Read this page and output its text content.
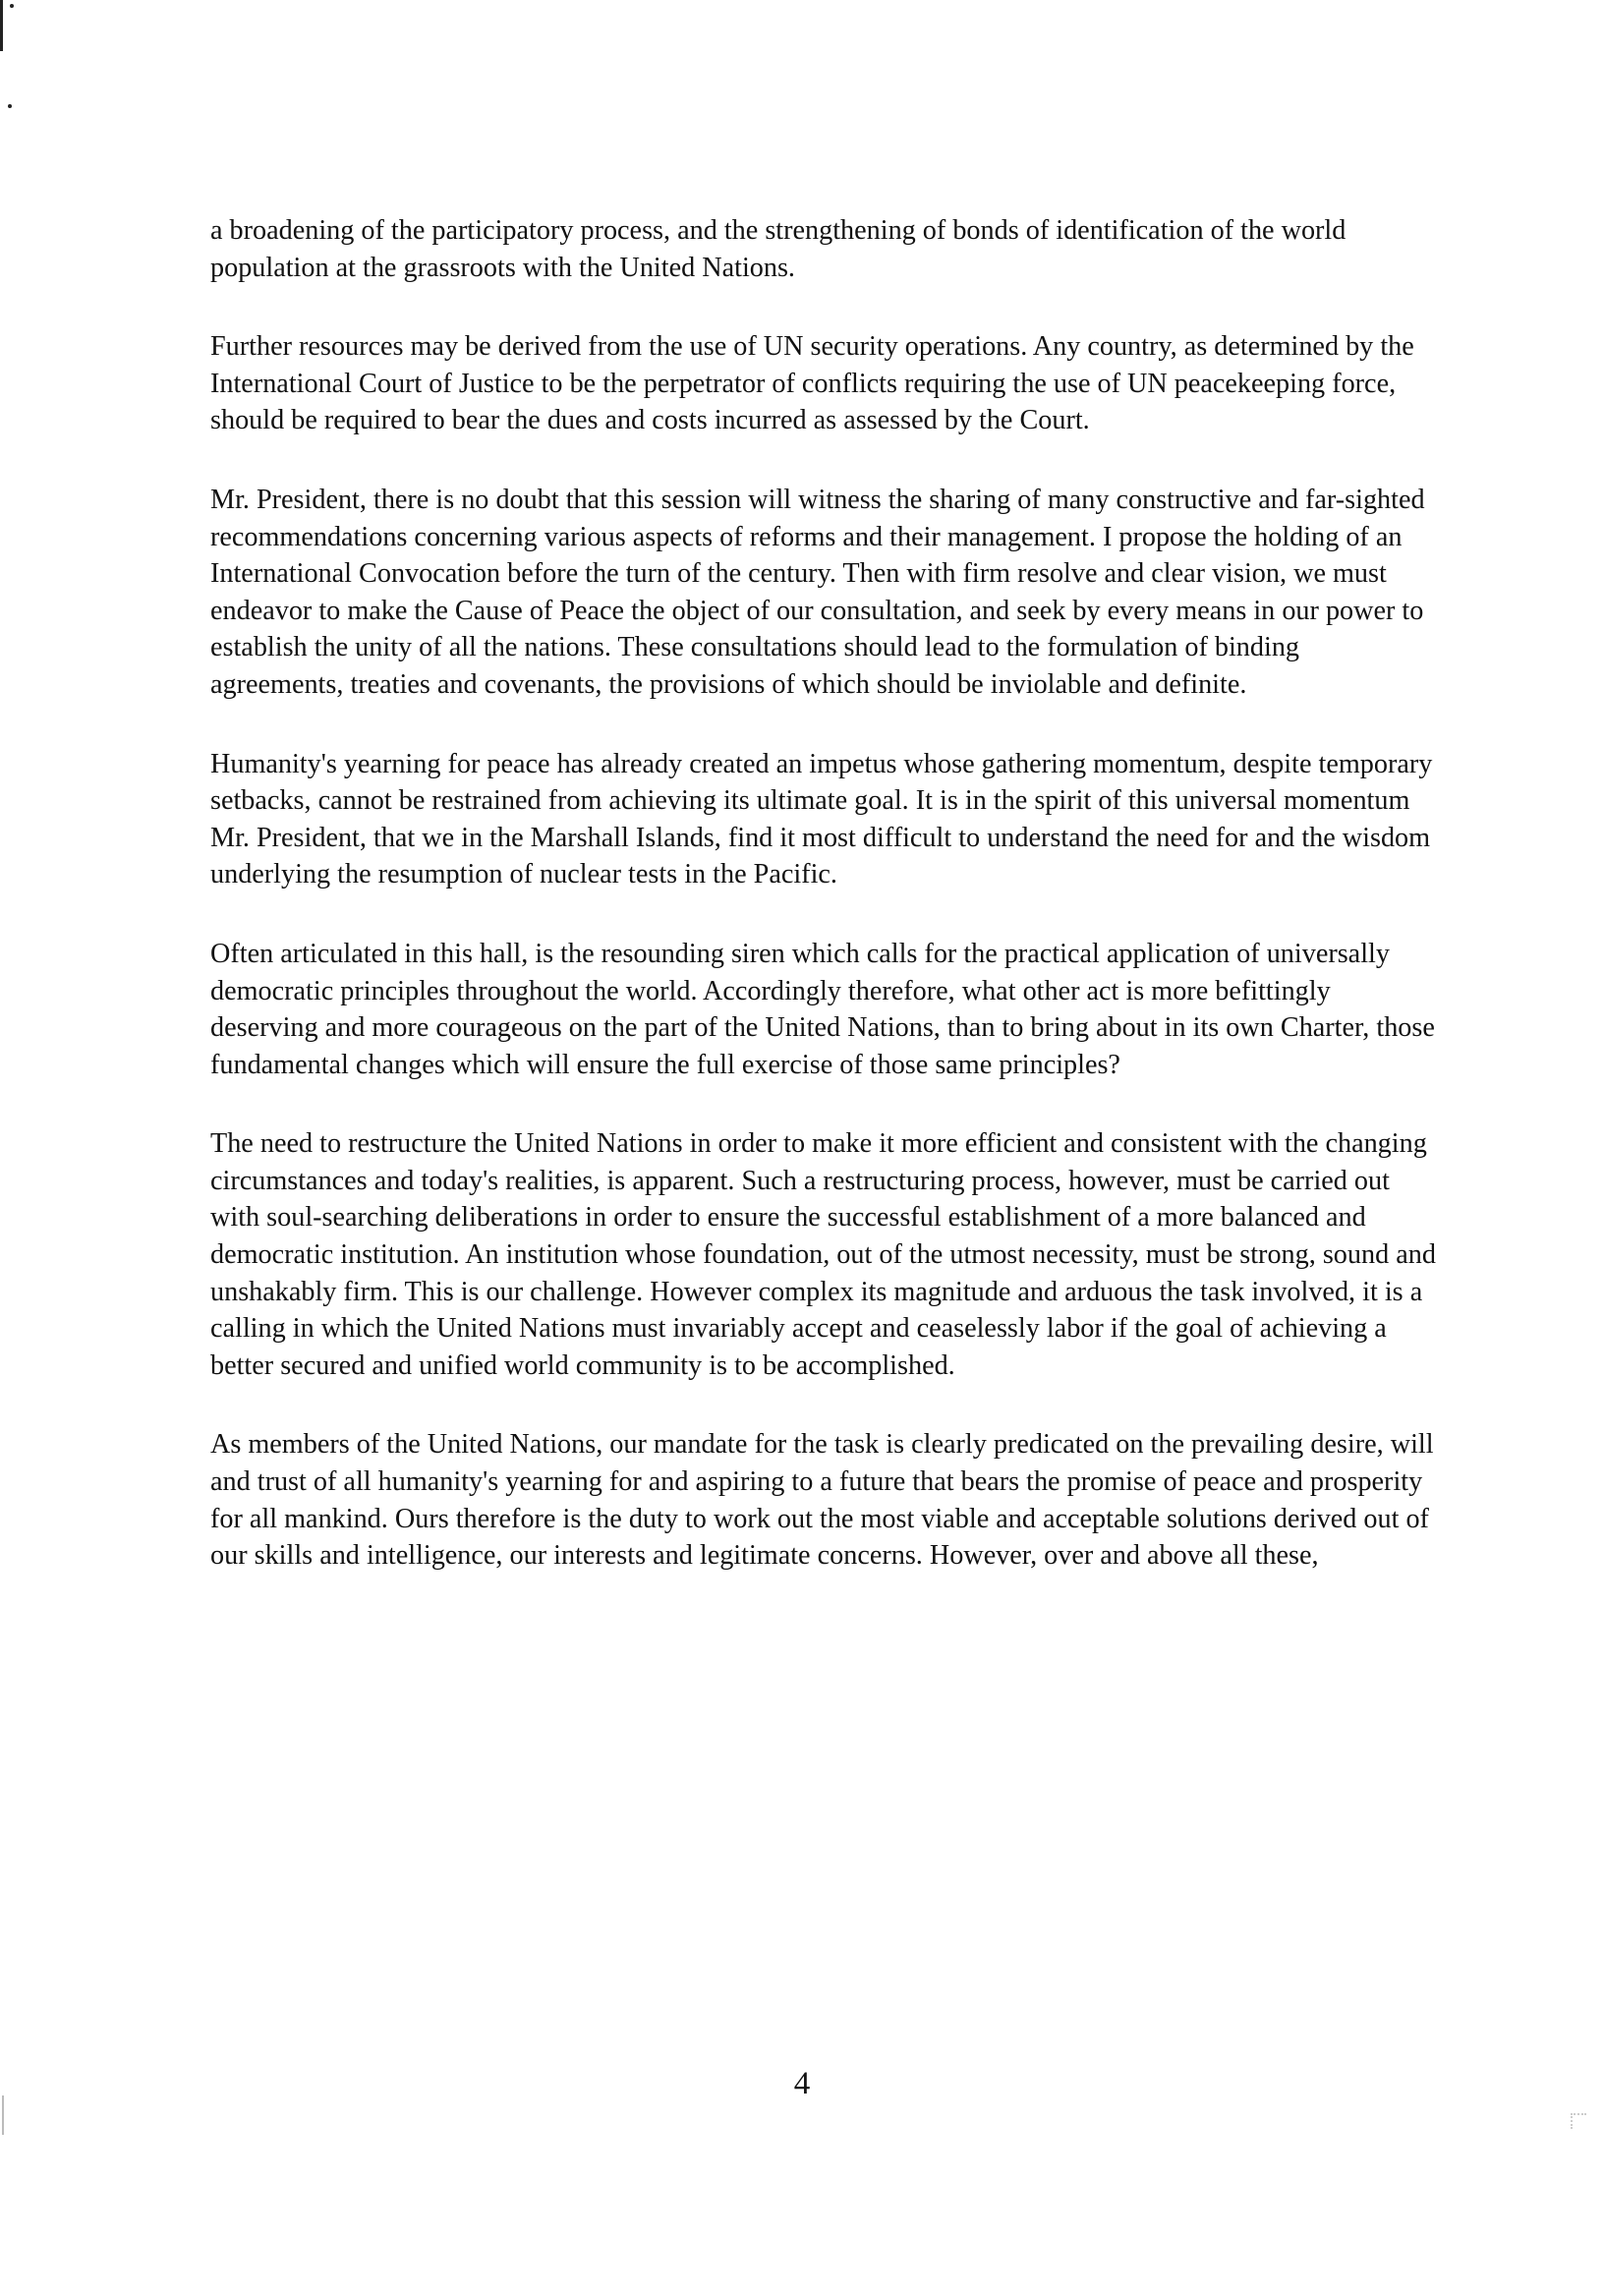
a broadening of the participatory process, and the strengthening of bonds of identification of the world population at the grassroots with the United Nations.

Further resources may be derived from the use of UN security operations. Any country, as determined by the International Court of Justice to be the perpetrator of conflicts requiring the use of UN peacekeeping force, should be required to bear the dues and costs incurred as assessed by the Court.

Mr. President, there is no doubt that this session will witness the sharing of many constructive and far-sighted recommendations concerning various aspects of reforms and their management. I propose the holding of an International Convocation before the turn of the century. Then with firm resolve and clear vision, we must endeavor to make the Cause of Peace the object of our consultation, and seek by every means in our power to establish the unity of all the nations. These consultations should lead to the formulation of binding agreements, treaties and covenants, the provisions of which should be inviolable and definite.

Humanity's yearning for peace has already created an impetus whose gathering momentum, despite temporary setbacks, cannot be restrained from achieving its ultimate goal. It is in the spirit of this universal momentum Mr. President, that we in the Marshall Islands, find it most difficult to understand the need for and the wisdom underlying the resumption of nuclear tests in the Pacific.

Often articulated in this hall, is the resounding siren which calls for the practical application of universally democratic principles throughout the world. Accordingly therefore, what other act is more befittingly deserving and more courageous on the part of the United Nations, than to bring about in its own Charter, those fundamental changes which will ensure the full exercise of those same principles?

The need to restructure the United Nations in order to make it more efficient and consistent with the changing circumstances and today's realities, is apparent. Such a restructuring process, however, must be carried out with soul-searching deliberations in order to ensure the successful establishment of a more balanced and democratic institution. An institution whose foundation, out of the utmost necessity, must be strong, sound and unshakably firm. This is our challenge. However complex its magnitude and arduous the task involved, it is a calling in which the United Nations must invariably accept and ceaselessly labor if the goal of achieving a better secured and unified world community is to be accomplished.

As members of the United Nations, our mandate for the task is clearly predicated on the prevailing desire, will and trust of all humanity's yearning for and aspiring to a future that bears the promise of peace and prosperity for all mankind. Ours therefore is the duty to work out the most viable and acceptable solutions derived out of our skills and intelligence, our interests and legitimate concerns. However, over and above all these,

4
